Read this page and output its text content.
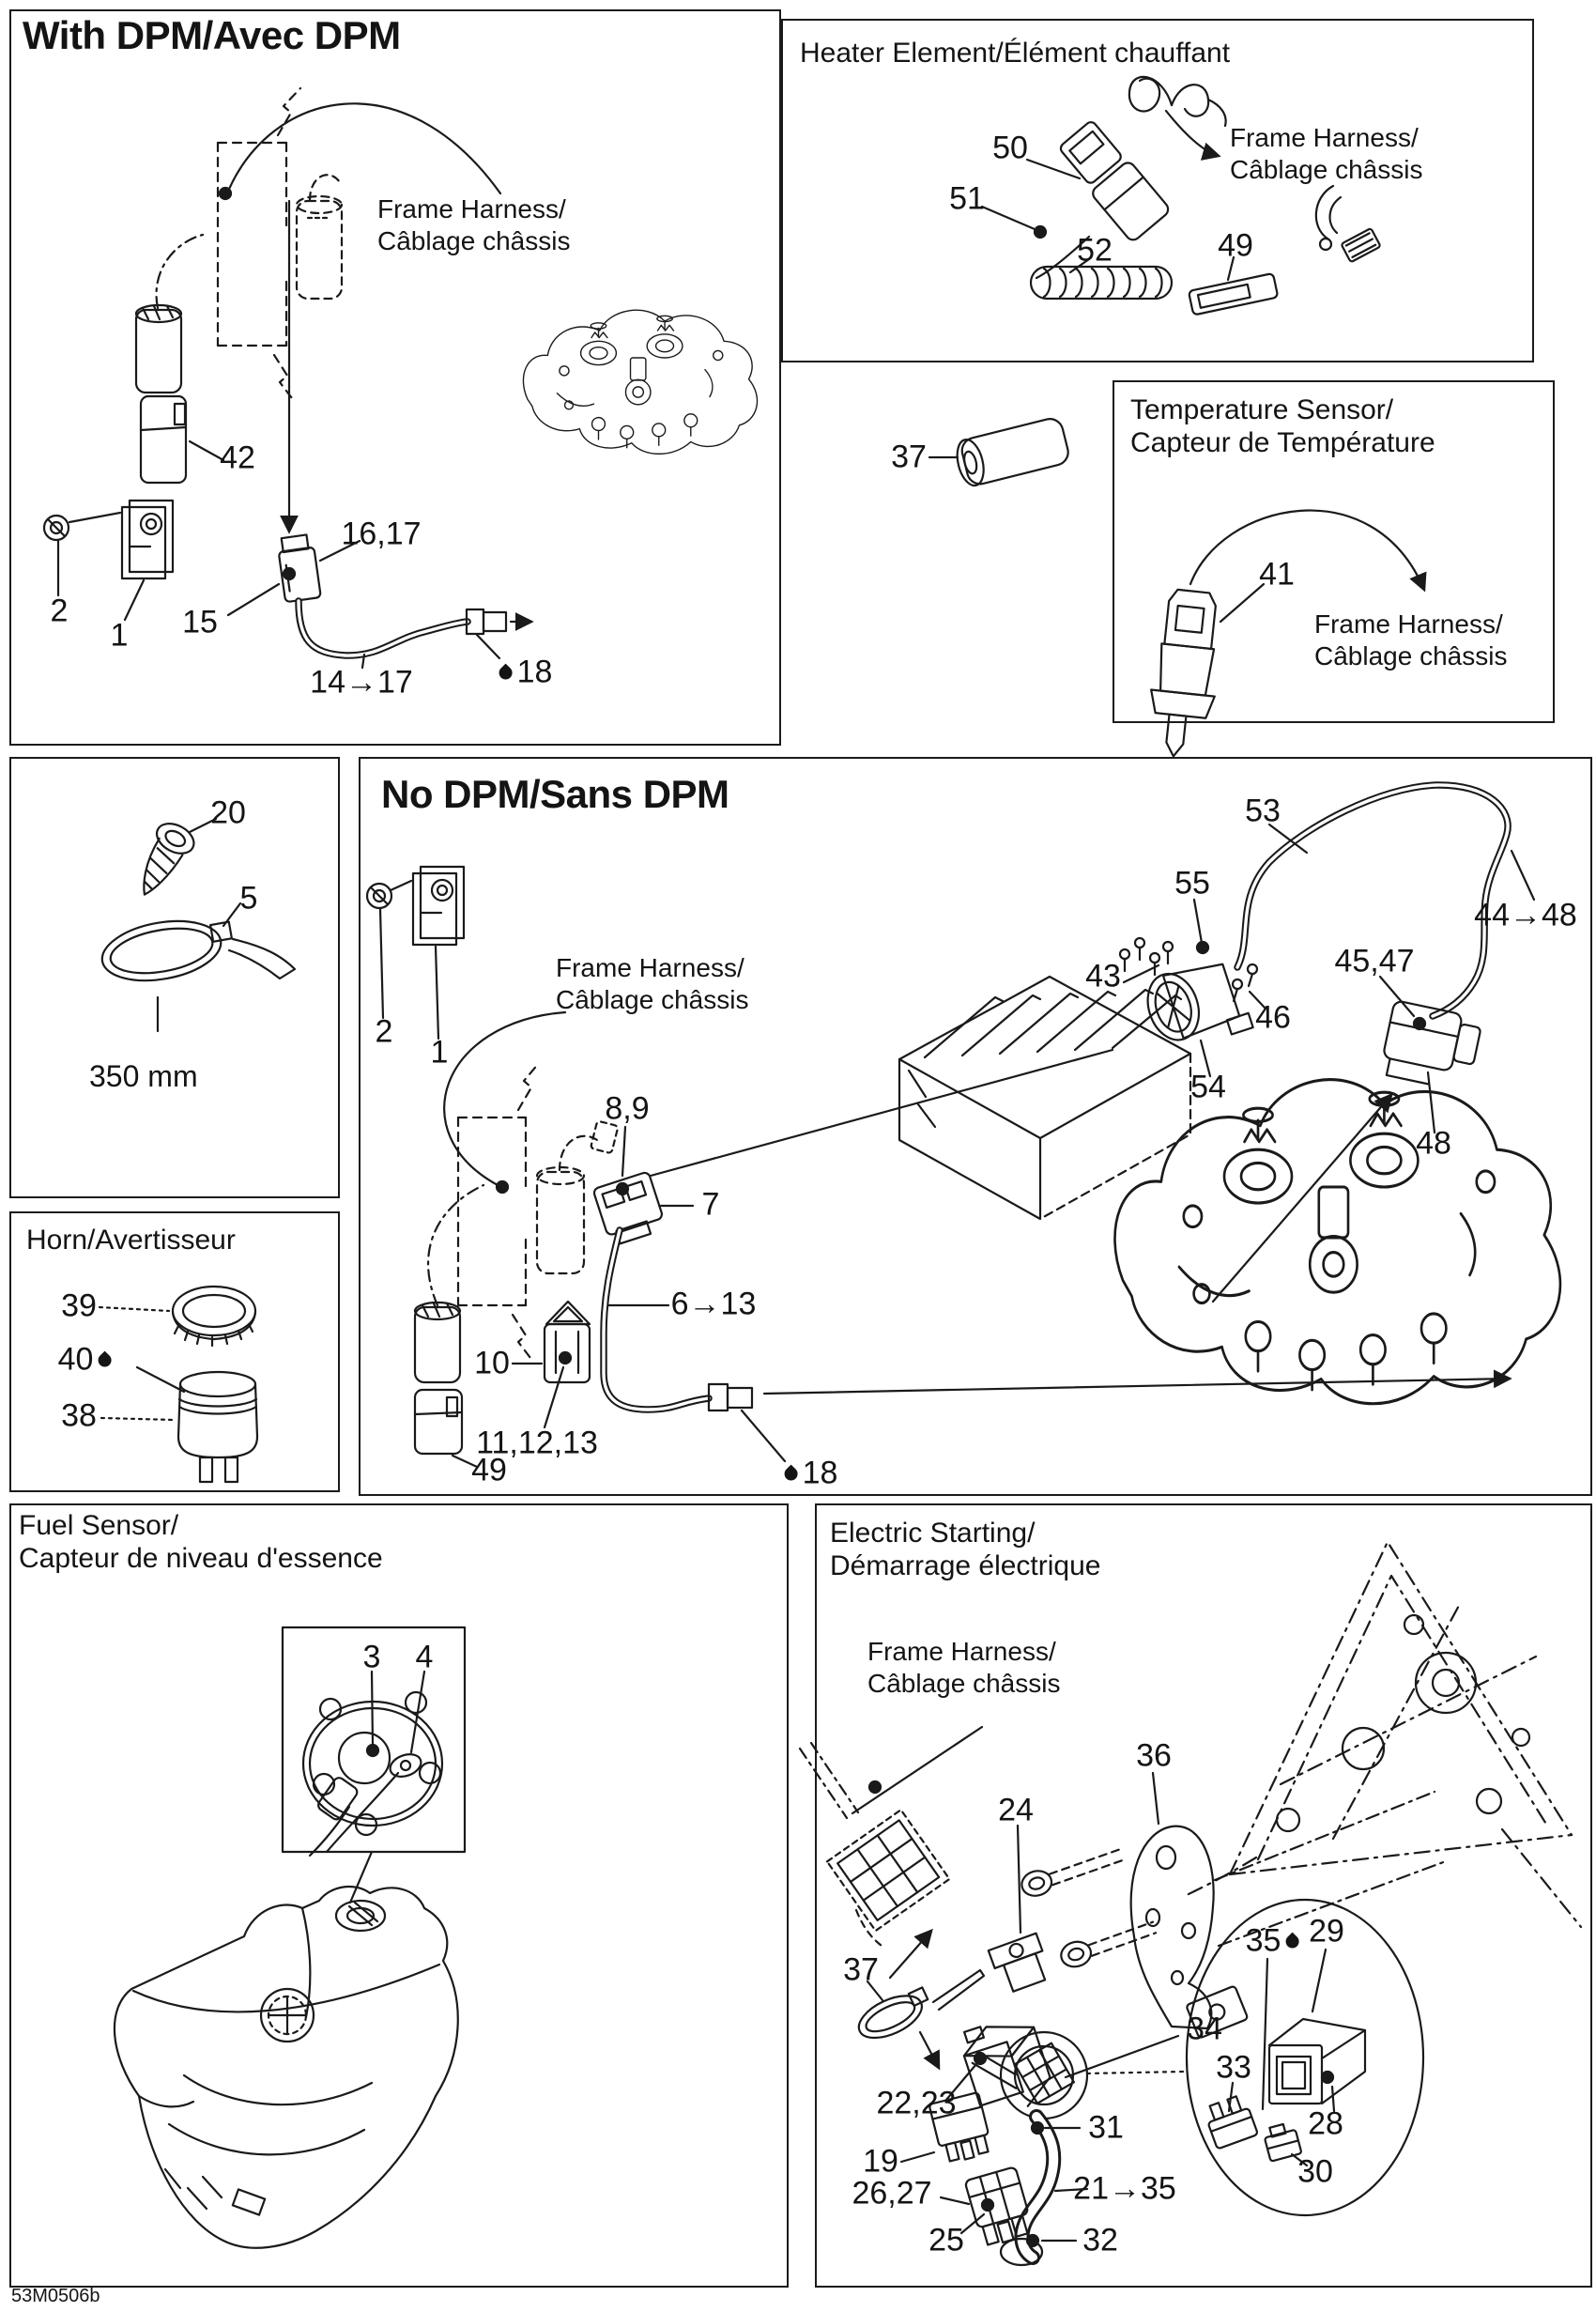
With DPM/Avec DPM	Heater Element/Élément chauffant
Temperature Sensor/
Capteur de Température
No DPM/Sans DPM
Horn/Avertisseur
Fuel Sensor/
Capteur de niveau d'essence
Electric Starting/
Démarrage électrique
Frame Harness/
Câblage châssis
Frame Harness/
Câblage châssis
Frame Harness/
Câblage châssis
Frame Harness/
Câblage châssis
Frame Harness/
Câblage châssis
350 mm
53M0506b
42
2
1 15
16,17
14→17	18
50
51
52	49
37
41
20
5
39
40
38
2
1
8,9
7
6→13
10
11,12,13
49	18
53
55
43
46
45,47
44→48
54
48
3 4
36
24
37
34
22,23
19
26,27
25
31
21→35
32
29
35
33
28
30
